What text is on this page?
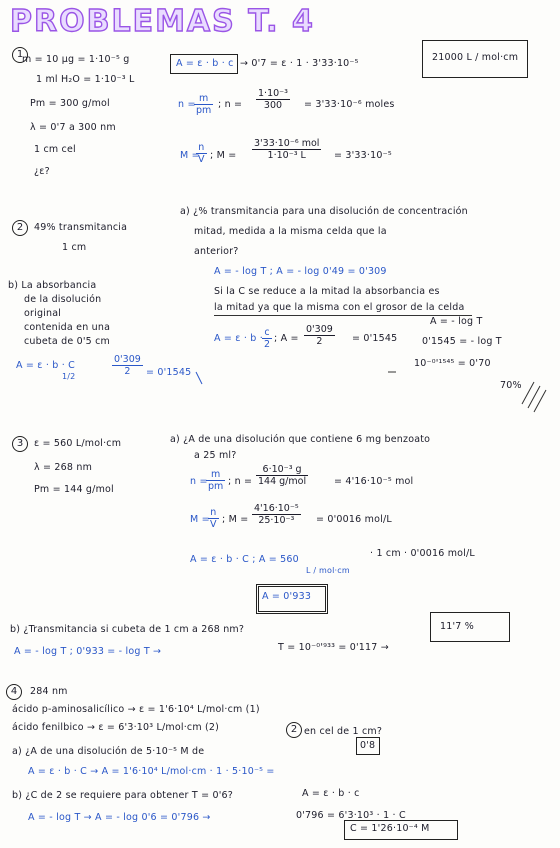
PROBLEMAS T. 4
1
m = 10 μg = 1·10⁻⁵ g
1 ml H₂O = 1·10⁻³ L
Pm = 300 g/mol
λ = 0'7 a 300 nm
1 cm cel
¿ε?
A = ε · b · c → 0'7 = ε · 1 · 3'33·10⁻⁵
21000 L / mol·cm
n =
$\frac{m}{pm}$ ; $n = \frac{\text{1·10⁻³}}{300} = 3'33\cdot 10^{-6}$ moles
M =
$\frac{n}{V}$ ; M =
3'33·10⁻⁶ mol
1·10⁻³ L	= 3'33·10⁻⁵
2	49% transmitancia
1 cm
a) ¿% transmitancia para una disolución de concentración
mitad, medida a la misma celda que la
anterior?
A = - log T ; A = - log 0'49 = 0'309
Si la C se reduce a la mitad la absorbancia es
la mitad ya que la misma con el grosor de la celda
$A = \varepsilon \cdot b \cdot \frac{c}{2}$ ; $A = \frac{0'309}{2} = 0'1545$
A = - log T
0'1545 = - log T
10⁻⁰'¹⁵⁴⁵ = 0'70
70%
b) La absorbancia
de la disolución
original
contenida en una
cubeta de 0'5 cm
A = ε · b · C
1/2	$\frac{0'309}{2} = 0'1545$
3	ε = 560 L/mol·cm
λ = 268 nm
Pm = 144 g/mol
a) ¿A de una disolución que contiene 6 mg benzoato
a 25 ml?
n =
$\frac{m}{pm}$ ; n =
6·10⁻³ g
144 g/mol	= 4'16·10⁻⁵ mol
M =
$\frac{n}{V}$ ; $M = \frac{\text{4'16·10⁻⁵}}{\text{25·10⁻³}} = 0'0016$ mol/L
A = ε · b · C ; A = 560
L / mol·cm
· 1 cm · 0'0016 mol/L
A = 0'933
b) ¿Transmitancia si cubeta de 1 cm a 268 nm?
A = - log T ; 0'933 = - log T →	T = 10⁻⁰'⁹³³ = 0'117 →
11'7 %
4	284 nm
ácido p-aminosalicílico → ε = 1'6·10⁴ L/mol·cm (1)
ácido fenilbico → ε = 6'3·10³ L/mol·cm (2)
a) ¿A de una disolución de 5·10⁻⁵ M de
2 en cel de 1 cm?
A = ε · b · C → A = 1'6·10⁴ L/mol·cm · 1 · 5·10⁻⁵ =
0'8
b) ¿C de 2 se requiere para obtener T = 0'6?
A = - log T → A = - log 0'6 = 0'796 →
A = ε · b · c
0'796 = 6'3·10³ · 1 · C
C = 1'26·10⁻⁴ M
